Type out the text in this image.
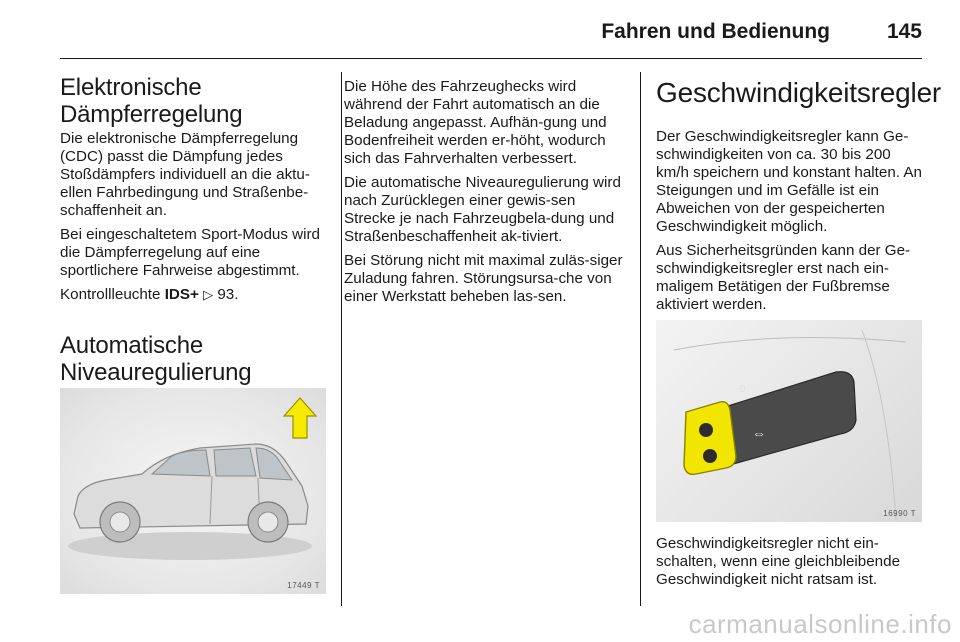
Fahren und Bedienung	145
Elektronische
Dämpferregelung

Die elektronische Dämpferregelung (CDC) passt die Dämpfung jedes Stoßdämpfers individuell an die aktu-ellen Fahrbedingung und Straßenbe-schaffenheit an.

Bei eingeschaltetem Sport-Modus wird die Dämpferregelung auf eine sportlichere Fahrweise abgestimmt.

Kontrollleuchte IDS+ ▷ 93.

Automatische
Niveauregulierung
17449 T

Die Höhe des Fahrzeughecks wird während der Fahrt automatisch an die Beladung angepasst. Aufhän-gung und Bodenfreiheit werden er-höht, wodurch sich das Fahrverhalten verbessert.

Die automatische Niveauregulierung wird nach Zurücklegen einer gewis-sen Strecke je nach Fahrzeugbela-dung und Straßenbeschaffenheit ak-tiviert.

Bei Störung nicht mit maximal zuläs-siger Zuladung fahren. Störungsursa-che von einer Werkstatt beheben las-sen.

Geschwindigkeitsregler

Der Geschwindigkeitsregler kann Ge-schwindigkeiten von ca. 30 bis 200 km/h speichern und konstant halten. An Steigungen und im Gefälle ist ein Abweichen von der gespeicherten Geschwindigkeit möglich.

Aus Sicherheitsgründen kann der Ge-schwindigkeitsregler erst nach ein-maligem Betätigen der Fußbremse aktiviert werden.

0
⇔
16990 T

Geschwindigkeitsregler nicht ein-schalten, wenn eine gleichbleibende Geschwindigkeit nicht ratsam ist.

carmanualsonline.info
